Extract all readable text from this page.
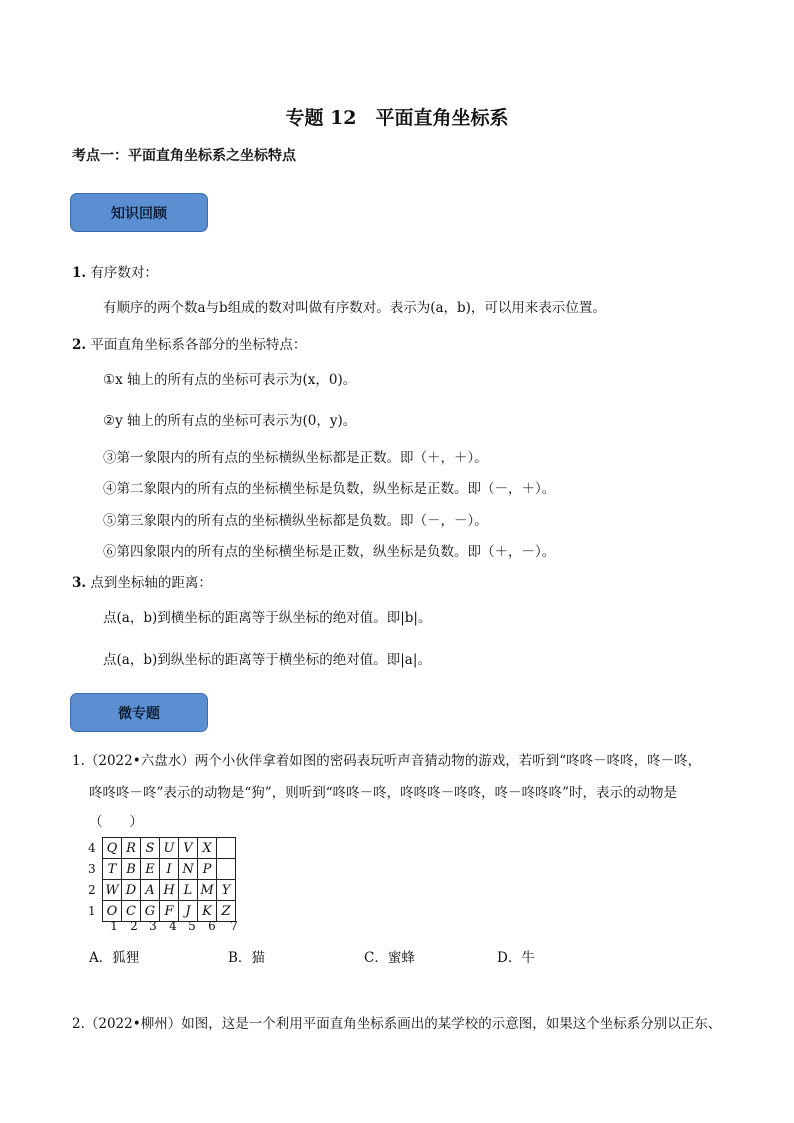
专题 12　平面直角坐标系
考点一：平面直角坐标系之坐标特点
知识回顾
1. 有序数对：
有顺序的两个数a与b组成的数对叫做有序数对。表示为(a，b)，可以用来表示位置。
2. 平面直角坐标系各部分的坐标特点：
①x 轴上的所有点的坐标可表示为(x，0)。
②y 轴上的所有点的坐标可表示为(0，y)。
③第一象限内的所有点的坐标横纵坐标都是正数。即（＋，＋）。
④第二象限内的所有点的坐标横坐标是负数，纵坐标是正数。即（－，＋）。
⑤第三象限内的所有点的坐标横纵坐标都是负数。即（－，－）。
⑥第四象限内的所有点的坐标横坐标是正数，纵坐标是负数。即（＋，－）。
3. 点到坐标轴的距离：
点(a，b)到横坐标的距离等于纵坐标的绝对值。即|b|。
点(a，b)到纵坐标的距离等于横坐标的绝对值。即|a|。
微专题
1.（2022•六盘水）两个小伙伴拿着如图的密码表玩听声音猜动物的游戏，若听到“咚咚－咚咚，咚－咚，
咚咚咚－咚”表示的动物是“狗”，则听到“咚咚－咚，咚咚咚－咚咚，咚－咚咚咚”时，表示的动物是
（　　）
4
3
2
1
Q	R	S	U	V	X	
T	B	E	I	N	P	
W	D	A	H	L	M	Y
O	C	G	F	J	K	Z
1	2 3	4 5	6	7
A．狐狸	B．猫	C．蜜蜂	D．牛
2.（2022•柳州）如图，这是一个利用平面直角坐标系画出的某学校的示意图，如果这个坐标系分别以正东、
